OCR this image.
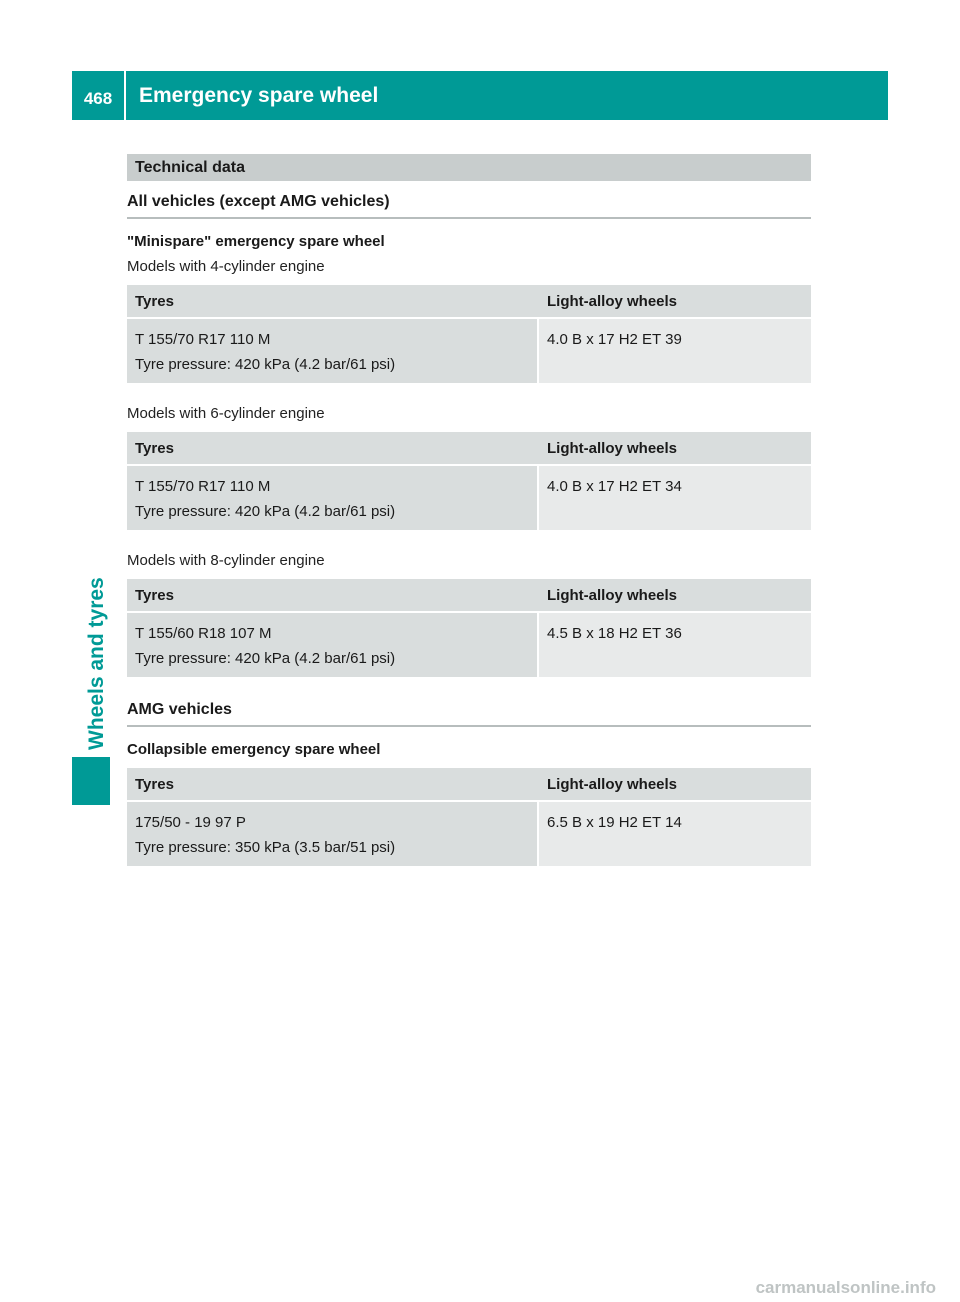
468	Emergency spare wheel
Wheels and tyres
Technical data
All vehicles (except AMG vehicles)
"Minispare" emergency spare wheel
Models with 4-cylinder engine
Tyres	Light-alloy wheels

T 155/70 R17 110 M
Tyre pressure: 420 kPa (4.2 bar/61 psi)	4.0 B x 17 H2 ET 39
Models with 6-cylinder engine
Tyres	Light-alloy wheels

T 155/70 R17 110 M
Tyre pressure: 420 kPa (4.2 bar/61 psi)	4.0 B x 17 H2 ET 34
Models with 8-cylinder engine
Tyres	Light-alloy wheels

T 155/60 R18 107 M
Tyre pressure: 420 kPa (4.2 bar/61 psi)	4.5 B x 18 H2 ET 36
AMG vehicles
Collapsible emergency spare wheel
Tyres	Light-alloy wheels

175/50 - 19 97 P
Tyre pressure: 350 kPa (3.5 bar/51 psi)	6.5 B x 19 H2 ET 14
carmanualsonline.info
